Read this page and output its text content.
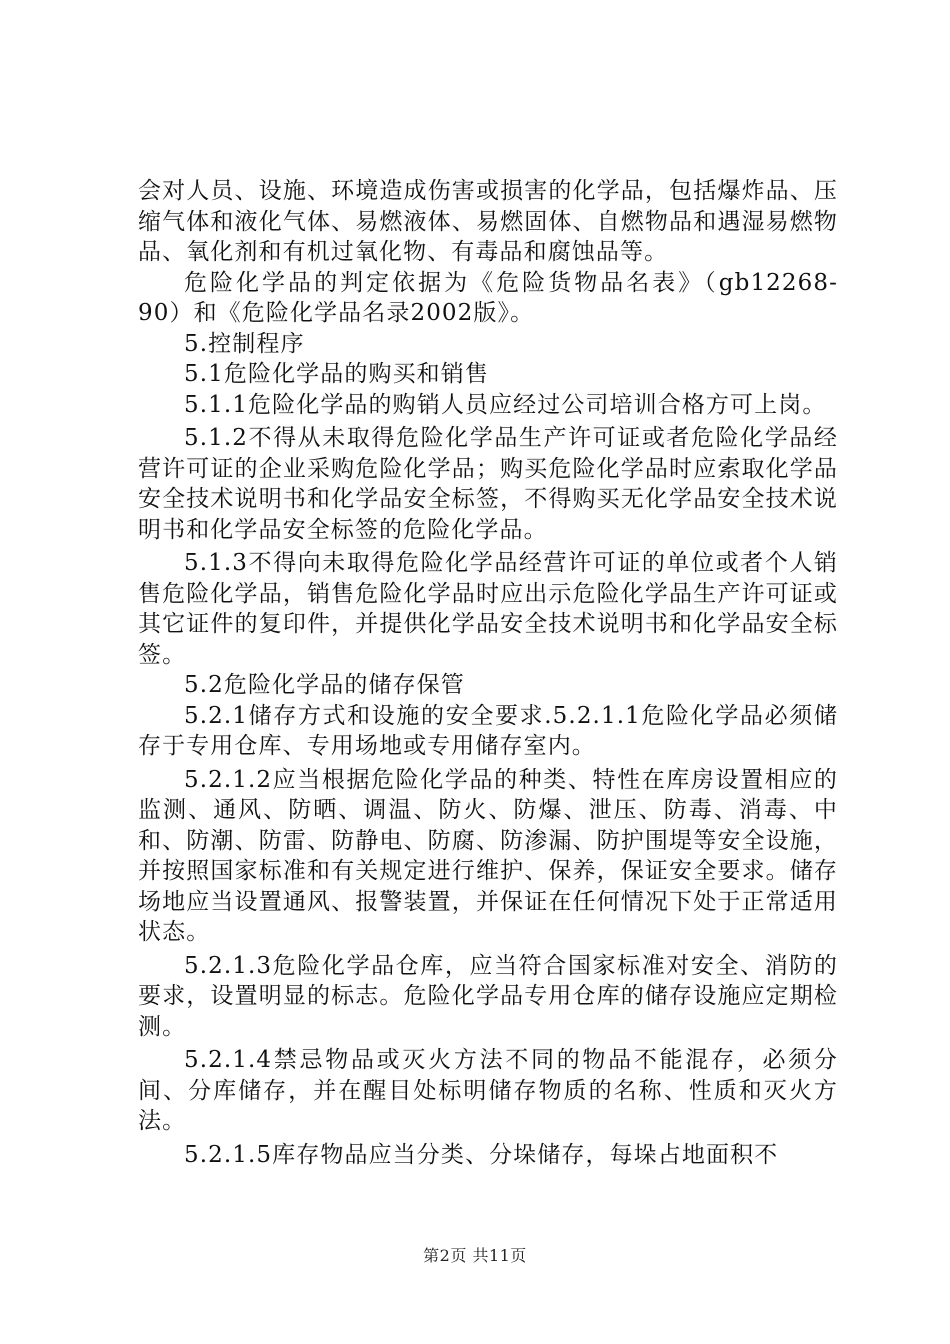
会对人员、设施、环境造成伤害或损害的化学品，包括爆炸品、压缩气体和液化气体、易燃液体、易燃固体、自燃物品和遇湿易燃物品、氧化剂和有机过氧化物、有毒品和腐蚀品等。

危险化学品的判定依据为《危险货物品名表》（gb12268-90）和《危险化学品名录2002版》。

5.控制程序

5.1危险化学品的购买和销售

5.1.1危险化学品的购销人员应经过公司培训合格方可上岗。

5.1.2不得从未取得危险化学品生产许可证或者危险化学品经营许可证的企业采购危险化学品；购买危险化学品时应索取化学品安全技术说明书和化学品安全标签，不得购买无化学品安全技术说明书和化学品安全标签的危险化学品。

5.1.3不得向未取得危险化学品经营许可证的单位或者个人销售危险化学品，销售危险化学品时应出示危险化学品生产许可证或其它证件的复印件，并提供化学品安全技术说明书和化学品安全标签。

5.2危险化学品的储存保管

5.2.1储存方式和设施的安全要求.5.2.1.1危险化学品必须储存于专用仓库、专用场地或专用储存室内。

5.2.1.2应当根据危险化学品的种类、特性在库房设置相应的监测、通风、防晒、调温、防火、防爆、泄压、防毒、消毒、中和、防潮、防雷、防静电、防腐、防渗漏、防护围堤等安全设施，并按照国家标准和有关规定进行维护、保养，保证安全要求。储存场地应当设置通风、报警装置，并保证在任何情况下处于正常适用状态。

5.2.1.3危险化学品仓库，应当符合国家标准对安全、消防的要求，设置明显的标志。危险化学品专用仓库的储存设施应定期检测。

5.2.1.4禁忌物品或灭火方法不同的物品不能混存，必须分间、分库储存，并在醒目处标明储存物质的名称、性质和灭火方法。

5.2.1.5库存物品应当分类、分垛储存，每垛占地面积不

第2页 共11页
